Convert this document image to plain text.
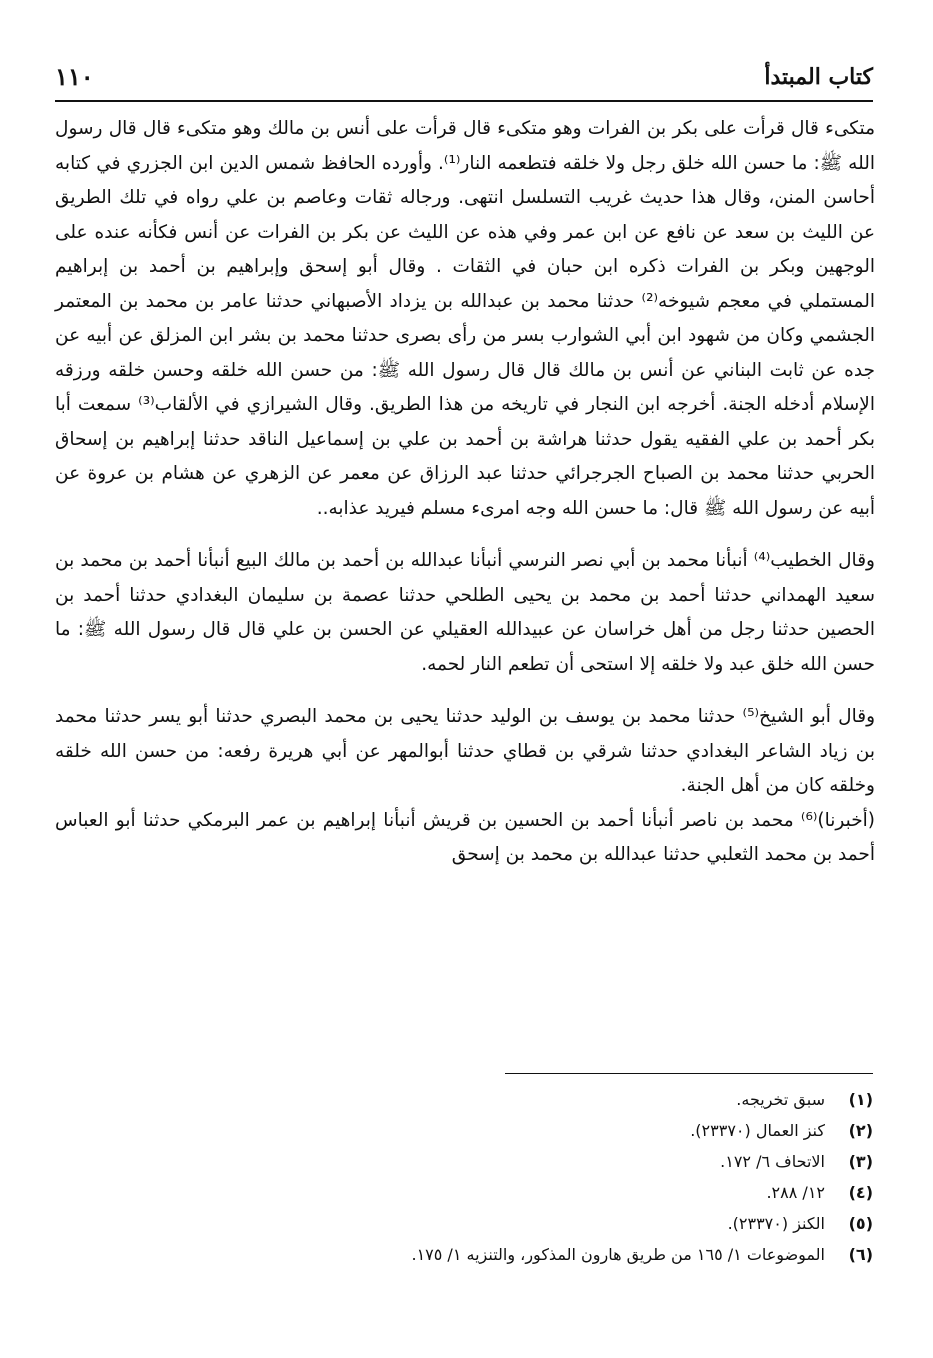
كتاب المبتدأ
١١٠

متكىء قال قرأت على بكر بن الفرات وهو متكىء قال قرأت على أنس بن مالك وهو متكىء قال قال رسول الله ﷺ: ما حسن الله خلق رجل ولا خلقه فتطعمه النار⁽¹⁾. وأورده الحافظ شمس الدين ابن الجزري في كتابه أحاسن المنن، وقال هذا حديث غريب التسلسل انتهى. ورجاله ثقات وعاصم بن علي رواه في تلك الطريق عن الليث بن سعد عن نافع عن ابن عمر وفي هذه عن الليث عن بكر بن الفرات عن أنس فكأنه عنده على الوجهين وبكر بن الفرات ذكره ابن حبان في الثقات . وقال أبو إسحق وإبراهيم بن أحمد بن إبراهيم المستملي في معجم شيوخه⁽²⁾ حدثنا محمد بن عبدالله بن يزداد الأصبهاني حدثنا عامر بن محمد بن المعتمر الجشمي وكان من شهود ابن أبي الشوارب بسر من رأى بصرى حدثنا محمد بن بشر ابن المزلق عن أبيه عن جده عن ثابت البناني عن أنس بن مالك قال قال رسول الله ﷺ: من حسن الله خلقه وحسن خلقه ورزقه الإسلام أدخله الجنة. أخرجه ابن النجار في تاريخه من هذا الطريق. وقال الشيرازي في الألقاب⁽³⁾ سمعت أبا بكر أحمد بن علي الفقيه يقول حدثنا هراشة بن أحمد بن علي بن إسماعيل الناقد حدثنا إبراهيم بن إسحاق الحربي حدثنا محمد بن الصباح الجرجرائي حدثنا عبد الرزاق عن معمر عن الزهري عن هشام بن عروة عن أبيه عن رسول الله ﷺ قال: ما حسن الله وجه امرىء مسلم فيريد عذابه..

وقال الخطيب⁽⁴⁾ أنبأنا محمد بن أبي نصر النرسي أنبأنا عبدالله بن أحمد بن مالك البيع أنبأنا أحمد بن محمد بن سعيد الهمداني حدثنا أحمد بن محمد بن يحيى الطلحي حدثنا عصمة بن سليمان البغدادي حدثنا أحمد بن الحصين حدثنا رجل من أهل خراسان عن عبيدالله العقيلي عن الحسن بن علي قال قال رسول الله ﷺ: ما حسن الله خلق عبد ولا خلقه إلا استحى أن تطعم النار لحمه.

وقال أبو الشيخ⁽⁵⁾ حدثنا محمد بن يوسف بن الوليد حدثنا يحيى بن محمد البصري حدثنا أبو يسر حدثنا محمد بن زياد الشاعر البغدادي حدثنا شرقي بن قطاي حدثنا أبوالمهر عن أبي هريرة رفعه: من حسن الله خلقه وخلقه كان من أهل الجنة.

(أخبرنا)⁽⁶⁾ محمد بن ناصر أنبأنا أحمد بن الحسين بن قريش أنبأنا إبراهيم بن عمر البرمكي حدثنا أبو العباس أحمد بن محمد الثعلبي حدثنا عبدالله بن محمد بن إسحق

(١)
سبق تخريجه.
(٢)
كنز العمال (٢٣٣٧٠).
(٣)
الاتحاف ٦/ ١٧٢.
(٤)
١٢/ ٢٨٨.
(٥)
الكنز (٢٣٣٧٠).
(٦)
الموضوعات ١/ ١٦٥ من طريق هارون المذكور، والتنزيه ١/ ١٧٥.
